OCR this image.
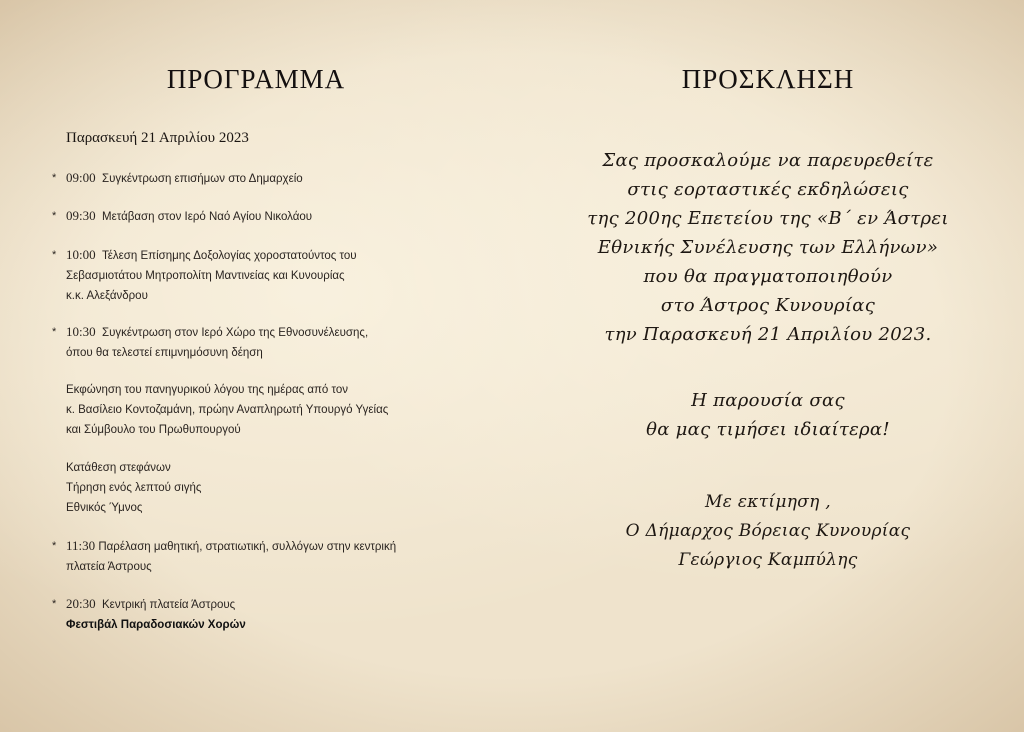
ΠΡΟΓΡΑΜΜΑ
Παρασκευή 21 Απριλίου 2023
* 09:00 Συγκέντρωση επισήμων στο Δημαρχείο
* 09:30 Μετάβαση στον Ιερό Ναό Αγίου Νικολάου
* 10:00 Τέλεση Επίσημης Δοξολογίας χοροστατούντος του
Σεβασμιοτάτου Μητροπολίτη Μαντινείας και Κυνουρίας
κ.κ. Αλεξάνδρου
* 10:30 Συγκέντρωση στον Ιερό Χώρο της Εθνοσυνέλευσης,
όπου θα τελεστεί επιμνημόσυνη δέηση
Εκφώνηση του πανηγυρικού λόγου της ημέρας από τον
κ. Βασίλειο Κοντοζαμάνη, πρώην Αναπληρωτή Υπουργό Υγείας
και Σύμβουλο του Πρωθυπουργού
Κατάθεση στεφάνων
Τήρηση ενός λεπτού σιγής
Εθνικός Ύμνος
* 11:30 Παρέλαση μαθητική, στρατιωτική, συλλόγων στην κεντρική
πλατεία Άστρους
* 20:30 Κεντρική πλατεία Άστρους
Φεστιβάλ Παραδοσιακών Χορών
ΠΡΟΣΚΛΗΣΗ
Σας προσκαλούμε να παρευρεθείτε
στις εορταστικές εκδηλώσεις
της 200ης Επετείου της «Β΄ εν Άστρει
Εθνικής Συνέλευσης των Ελλήνων»
που θα πραγματοποιηθούν
στο Άστρος Κυνουρίας
την Παρασκευή 21 Απριλίου 2023.
Η παρουσία σας
θα μας τιμήσει ιδιαίτερα!
Με εκτίμηση ,
Ο Δήμαρχος Βόρειας Κυνουρίας
Γεώργιος Καμπύλης
